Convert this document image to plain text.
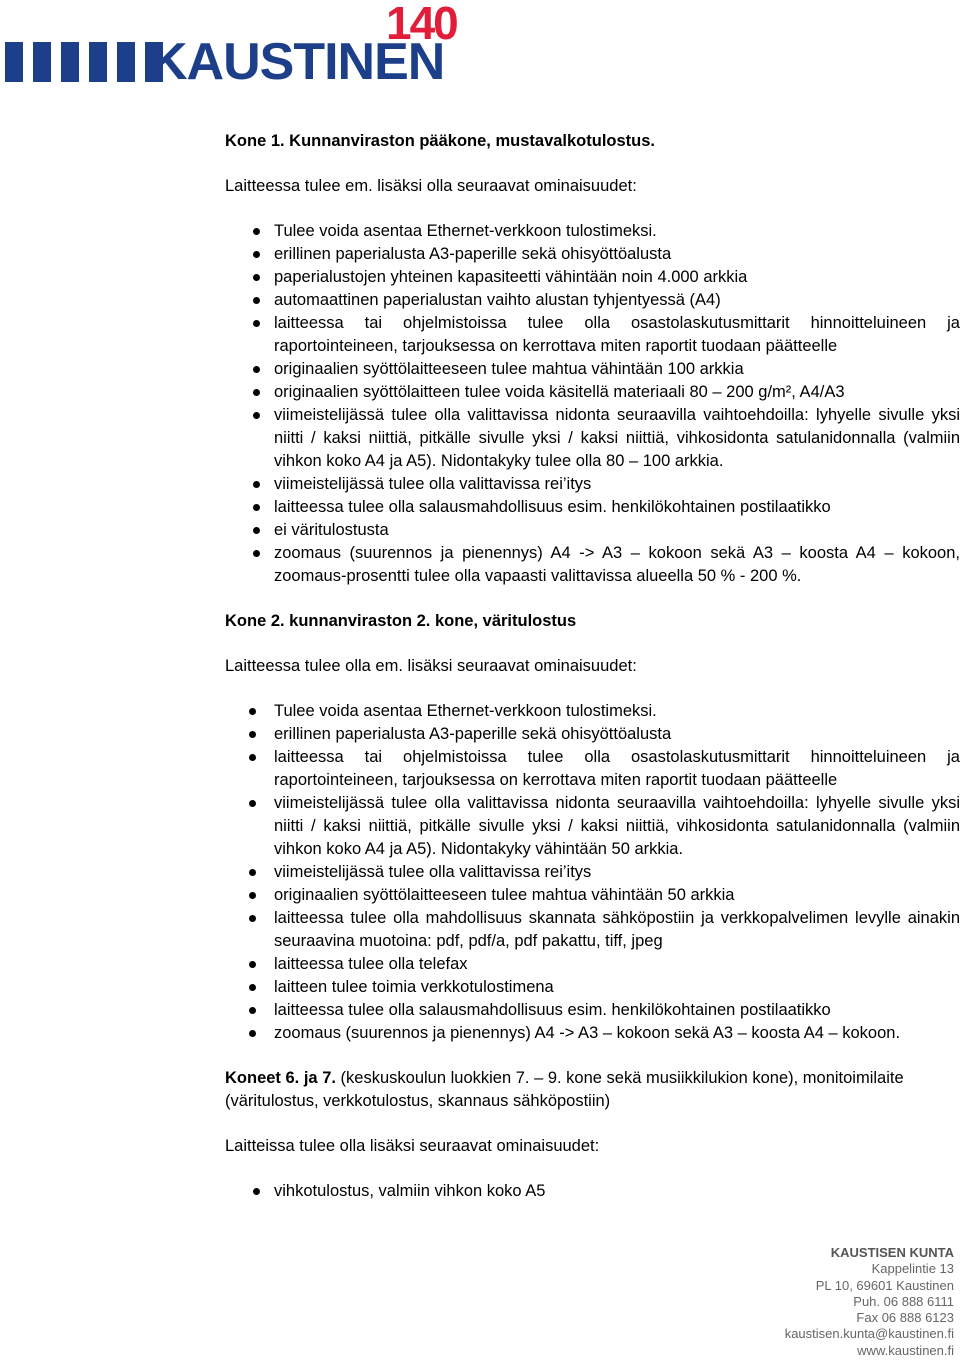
KAUSTINEN
140

Kone 1. Kunnanviraston pääkone, mustavalkotulostus.

Laitteessa tulee em. lisäksi olla seuraavat ominaisuudet:

Tulee voida asentaa Ethernet-verkkoon tulostimeksi.
erillinen paperialusta A3-paperille sekä ohisyöttöalusta
paperialustojen yhteinen kapasiteetti vähintään noin 4.000 arkkia
automaattinen paperialustan vaihto alustan tyhjentyessä (A4)
laitteessa tai ohjelmistoissa tulee olla osastolaskutusmittarit hinnoitteluineen ja raportointeineen, tarjouksessa on kerrottava miten raportit tuodaan päätteelle
originaalien syöttölaitteeseen tulee mahtua vähintään 100 arkkia
originaalien syöttölaitteen tulee voida käsitellä materiaali 80 – 200 g/m², A4/A3
viimeistelijässä tulee olla valittavissa nidonta seuraavilla vaihtoehdoilla: lyhyelle sivulle yksi niitti / kaksi niittiä, pitkälle sivulle yksi / kaksi niittiä, vihkosidonta satulanidonnalla (valmiin vihkon koko A4 ja A5). Nidontakyky tulee olla 80 – 100 arkkia.
viimeistelijässä tulee olla valittavissa rei’itys
laitteessa tulee olla salausmahdollisuus esim. henkilökohtainen postilaatikko
ei väritulostusta
zoomaus (suurennos ja pienennys) A4 -> A3 – kokoon sekä A3 – koosta A4 – kokoon, zoomaus-prosentti tulee olla vapaasti valittavissa alueella 50 % - 200 %.

Kone 2. kunnanviraston 2. kone, väritulostus

Laitteessa tulee olla em. lisäksi seuraavat ominaisuudet:

Tulee voida asentaa Ethernet-verkkoon tulostimeksi.
erillinen paperialusta A3-paperille sekä ohisyöttöalusta
laitteessa tai ohjelmistoissa tulee olla osastolaskutusmittarit hinnoitteluineen ja raportointeineen, tarjouksessa on kerrottava miten raportit tuodaan päätteelle
viimeistelijässä tulee olla valittavissa nidonta seuraavilla vaihtoehdoilla: lyhyelle sivulle yksi niitti / kaksi niittiä, pitkälle sivulle yksi / kaksi niittiä, vihkosidonta satulanidonnalla (valmiin vihkon koko A4 ja A5). Nidontakyky vähintään 50 arkkia.
viimeistelijässä tulee olla valittavissa rei’itys
originaalien syöttölaitteeseen tulee mahtua vähintään 50 arkkia
laitteessa tulee olla mahdollisuus skannata sähköpostiin ja verkkopalvelimen levylle ainakin seuraavina muotoina: pdf, pdf/a, pdf pakattu, tiff, jpeg
laitteessa tulee olla telefax
laitteen tulee toimia verkkotulostimena
laitteessa tulee olla salausmahdollisuus esim. henkilökohtainen postilaatikko
zoomaus (suurennos ja pienennys) A4 -> A3 – kokoon sekä A3 – koosta A4 – kokoon.

Koneet 6. ja 7. (keskuskoulun luokkien 7. – 9. kone sekä musiikkilukion kone), monitoimilaite (väritulostus, verkkotulostus, skannaus sähköpostiin)

Laitteissa tulee olla lisäksi seuraavat ominaisuudet:

vihkotulostus, valmiin vihkon koko A5
KAUSTISEN KUNTA
Kappelintie 13
PL 10, 69601 Kaustinen
Puh. 06 888 6111
Fax 06 888 6123
kaustisen.kunta@kaustinen.fi
www.kaustinen.fi
